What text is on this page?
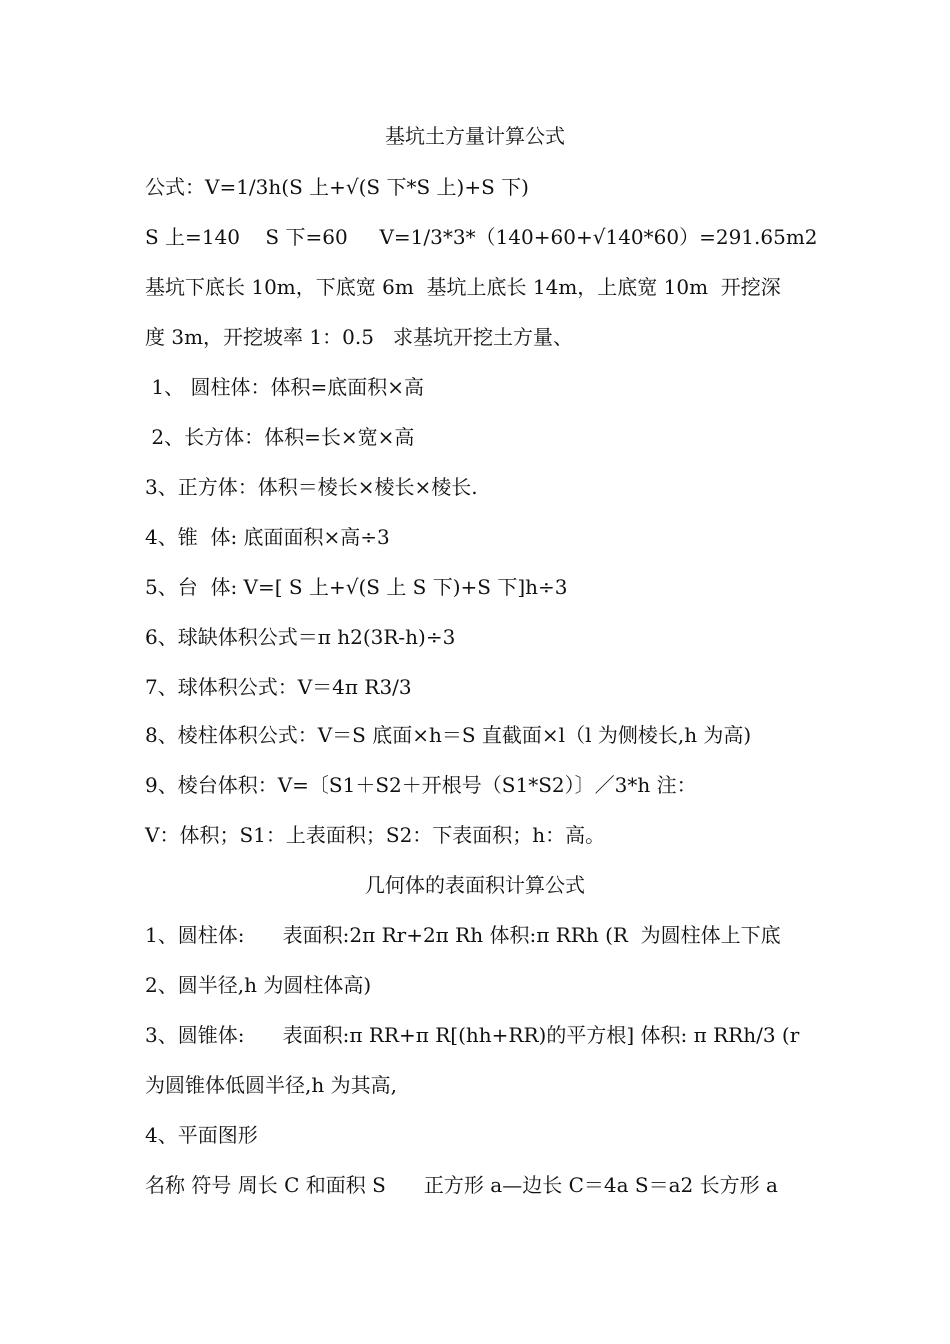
基坑土方量计算公式
公式：V=1/3h(S 上+√(S 下*S 上)+S 下)
S 上=140    S 下=60     V=1/3*3*（140+60+√140*60）=291.65m2
基坑下底长 10m，下底宽 6m  基坑上底长 14m，上底宽 10m  开挖深
度 3m，开挖坡率 1：0.5   求基坑开挖土方量、
1、 圆柱体：体积=底面积×高
2、长方体：体积=长×宽×高
3、正方体：体积＝棱长×棱长×棱长.
4、锥  体: 底面面积×高÷3
5、台  体: V=[ S 上+√(S 上 S 下)+S 下]h÷3
6、球缺体积公式＝π h2(3R-h)÷3
7、球体积公式：V＝4π R3/3
8、棱柱体积公式：V＝S 底面×h＝S 直截面×l（l 为侧棱长,h 为高)
9、棱台体积：V=〔S1＋S2＋开根号（S1*S2）〕／3*h 注：
V：体积；S1：上表面积；S2：下表面积；h：高。
几何体的表面积计算公式
1、圆柱体:      表面积:2π Rr+2π Rh 体积:π RRh (R  为圆柱体上下底
2、圆半径,h 为圆柱体高)
3、圆锥体:      表面积:π RR+π R[(hh+RR)的平方根] 体积: π RRh/3 (r
为圆锥体低圆半径,h 为其高,
4、平面图形
名称 符号 周长 C 和面积 S      正方形 a—边长 C＝4a S＝a2 长方形 a
